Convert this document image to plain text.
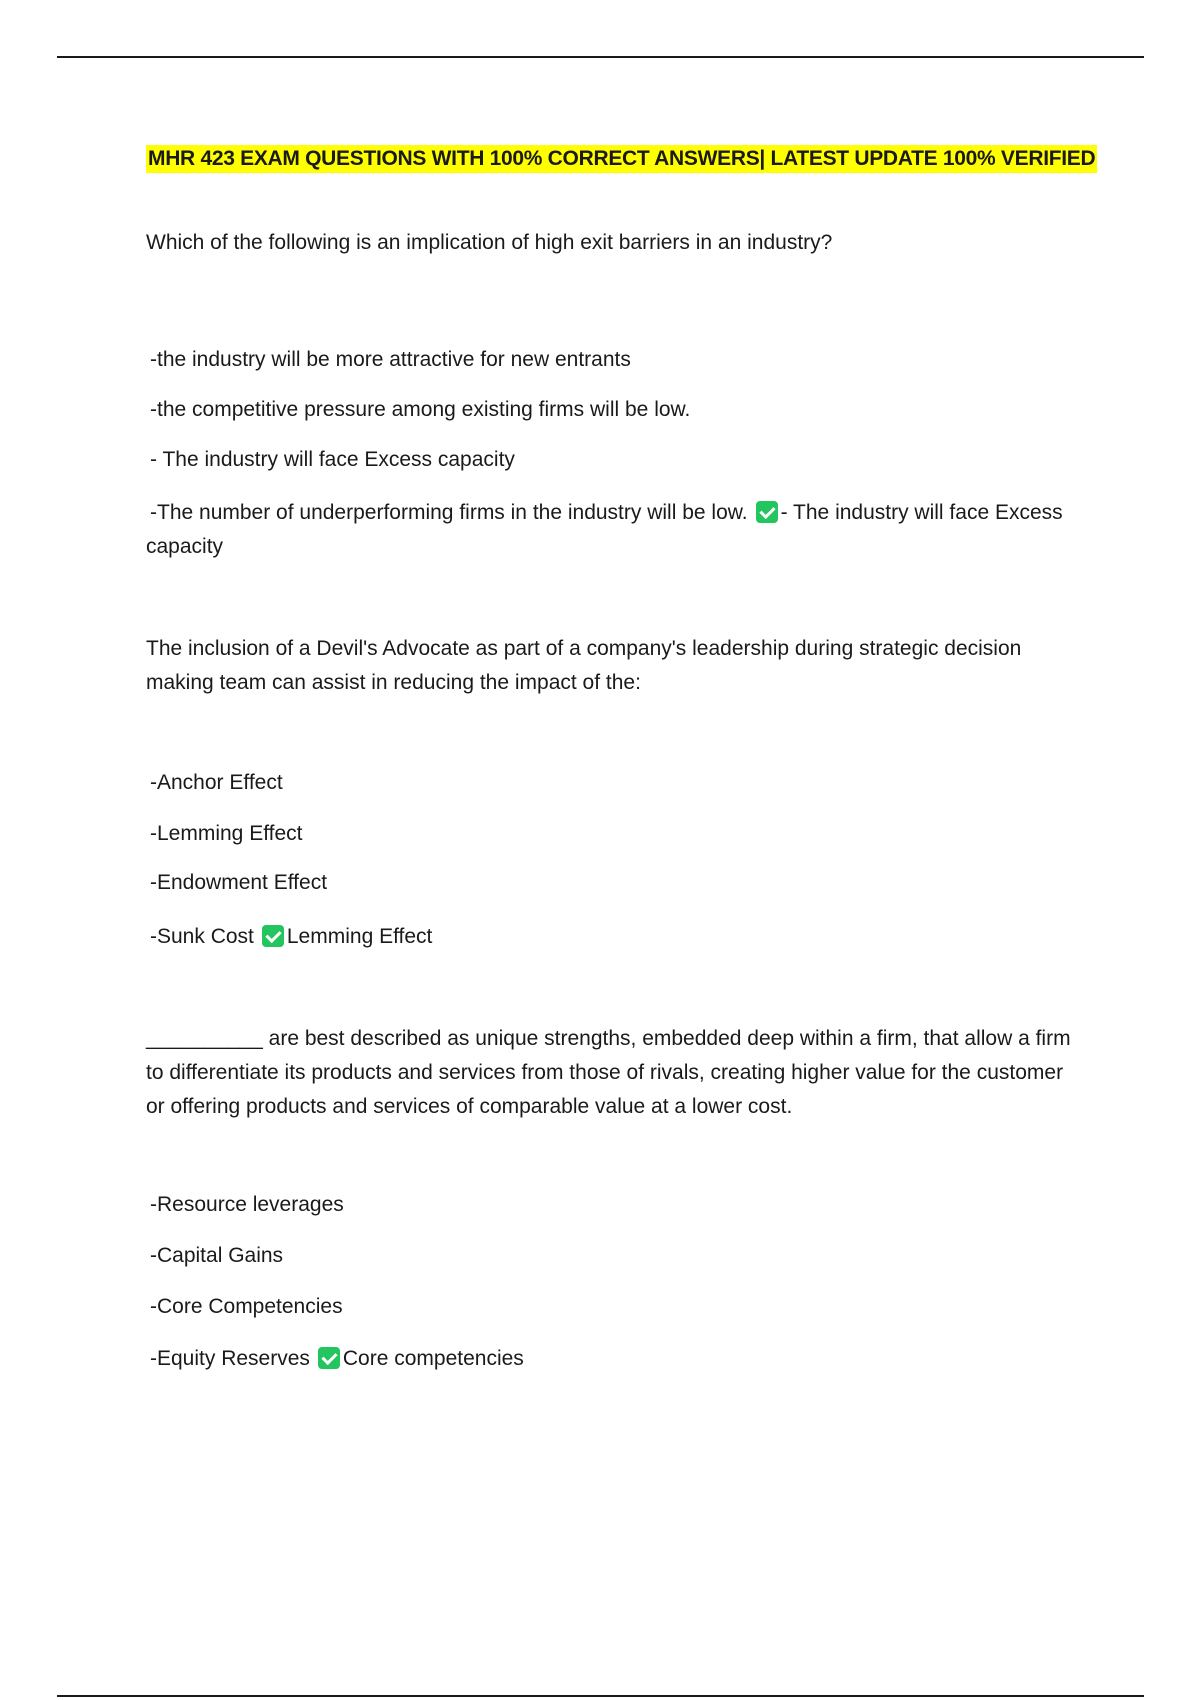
MHR 423 EXAM QUESTIONS WITH 100% CORRECT ANSWERS| LATEST UPDATE 100% VERIFIED
Which of the following is an implication of high exit barriers in an industry?
-the industry will be more attractive for new entrants
-the competitive pressure among existing firms will be low.
- The industry will face Excess capacity
-The number of underperforming firms in the industry will be low. - The industry will face Excess capacity
The inclusion of a Devil's Advocate as part of a company's leadership during strategic decision making team can assist in reducing the impact of the:
-Anchor Effect
-Lemming Effect
-Endowment Effect
-Sunk Cost Lemming Effect
__________ are best described as unique strengths, embedded deep within a firm, that allow a firm to differentiate its products and services from those of rivals, creating higher value for the customer or offering products and services of comparable value at a lower cost.
-Resource leverages
-Capital Gains
-Core Competencies
-Equity Reserves Core competencies
